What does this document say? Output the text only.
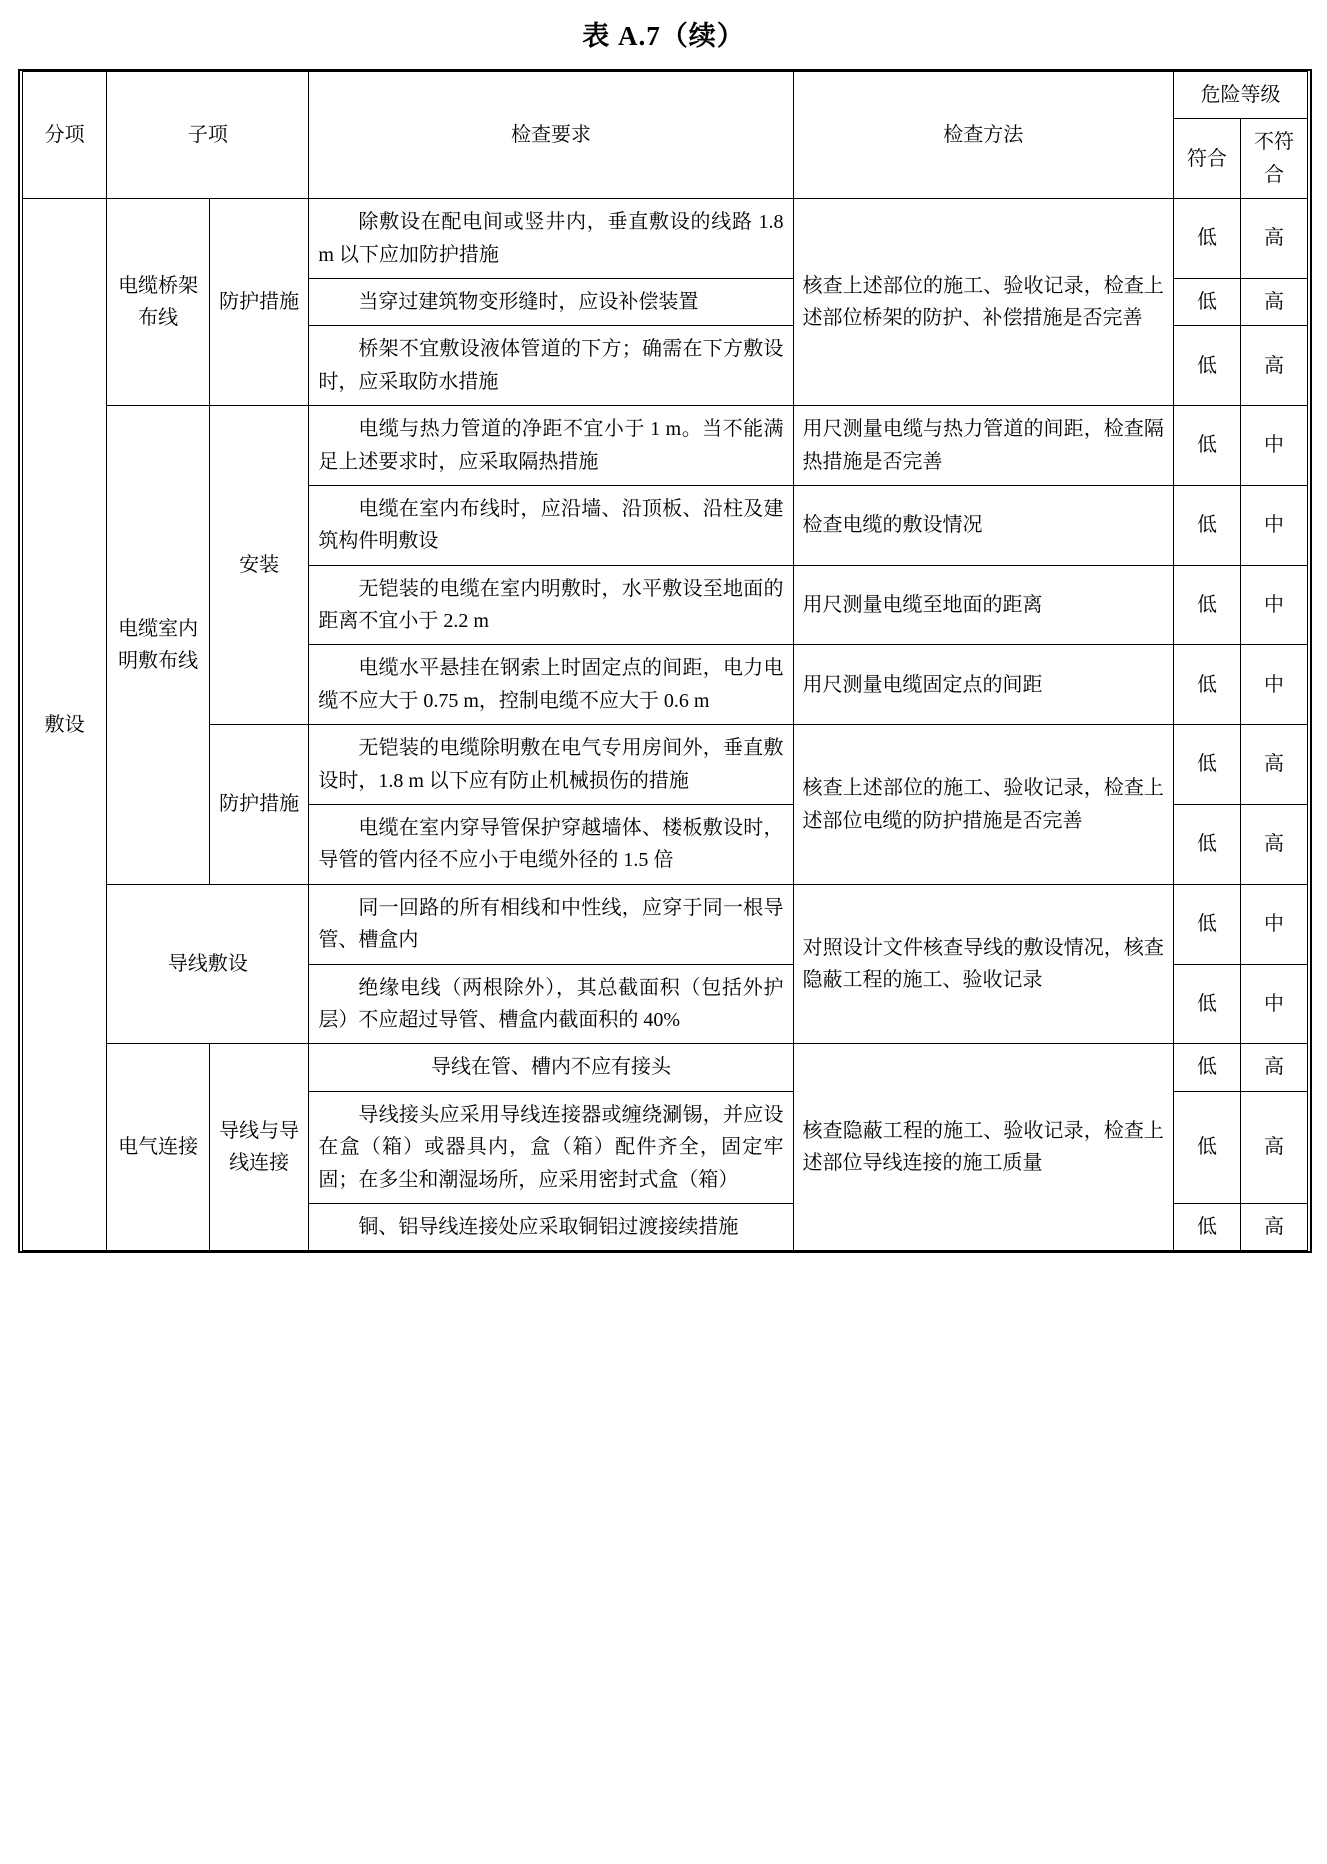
表 A.7（续）
分项	子项		检查要求	检查方法	危险等级	
					符合	不符合
敷设	电缆桥架布线	防护措施	除敷设在配电间或竖井内，垂直敷设的线路 1.8 m 以下应加防护措施	核查上述部位的施工、验收记录，检查上述部位桥架的防护、补偿措施是否完善	低	高
			当穿过建筑物变形缝时，应设补偿装置		低	高
			桥架不宜敷设液体管道的下方；确需在下方敷设时，应采取防水措施		低	高
	电缆室内明敷布线	安装	电缆与热力管道的净距不宜小于 1 m。当不能满足上述要求时，应采取隔热措施	用尺测量电缆与热力管道的间距，检查隔热措施是否完善	低	中
			电缆在室内布线时，应沿墙、沿顶板、沿柱及建筑构件明敷设	检查电缆的敷设情况	低	中
			无铠装的电缆在室内明敷时，水平敷设至地面的距离不宜小于 2.2 m	用尺测量电缆至地面的距离	低	中
			电缆水平悬挂在钢索上时固定点的间距，电力电缆不应大于 0.75 m，控制电缆不应大于 0.6 m	用尺测量电缆固定点的间距	低	中
		防护措施	无铠装的电缆除明敷在电气专用房间外，垂直敷设时，1.8 m 以下应有防止机械损伤的措施	核查上述部位的施工、验收记录，检查上述部位电缆的防护措施是否完善	低	高
			电缆在室内穿导管保护穿越墙体、楼板敷设时，导管的管内径不应小于电缆外径的 1.5 倍		低	高
	导线敷设		同一回路的所有相线和中性线，应穿于同一根导管、槽盒内	对照设计文件核查导线的敷设情况，核查隐蔽工程的施工、验收记录	低	中
			绝缘电线（两根除外），其总截面积（包括外护层）不应超过导管、槽盒内截面积的 40%		低	中
	电气连接	导线与导线连接	导线在管、槽内不应有接头	核查隐蔽工程的施工、验收记录，检查上述部位导线连接的施工质量	低	高
			导线接头应采用导线连接器或缠绕涮锡，并应设在盒（箱）或器具内，盒（箱）配件齐全，固定牢固；在多尘和潮湿场所，应采用密封式盒（箱）		低	高
			铜、铝导线连接处应采取铜铝过渡接续措施		低	高
